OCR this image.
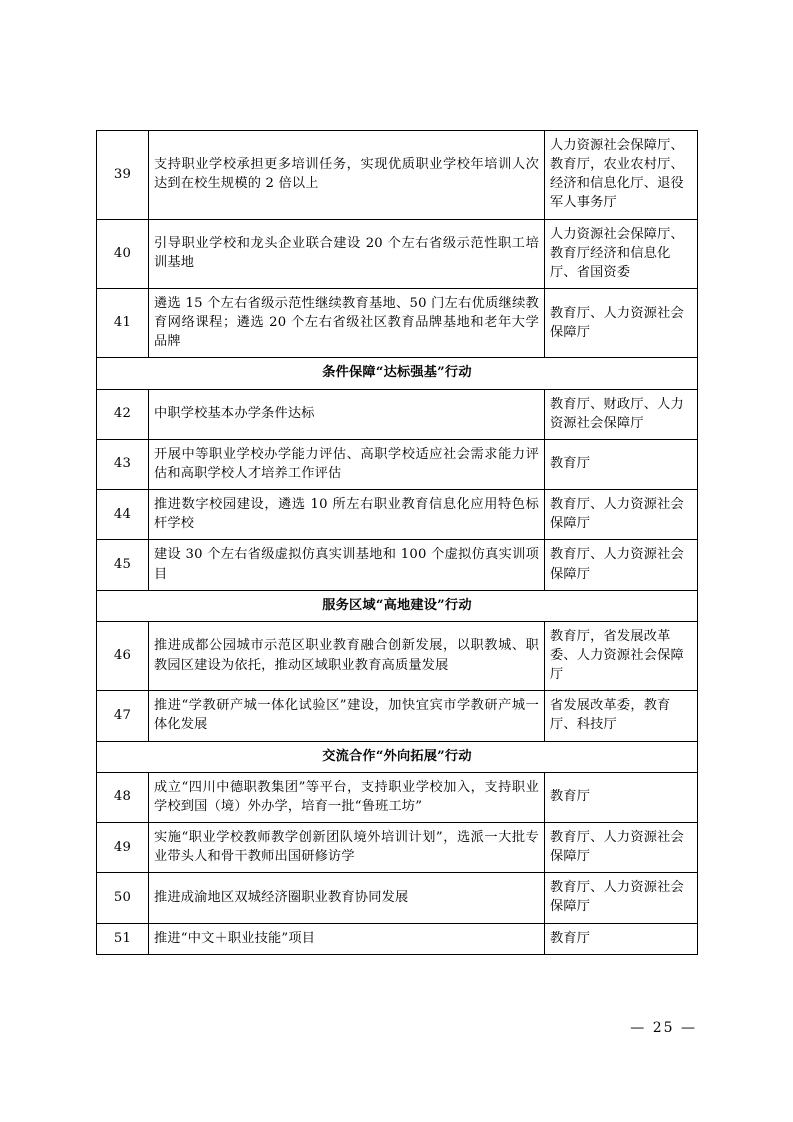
39	支持职业学校承担更多培训任务，实现优质职业学校年培训人次达到在校生规模的 2 倍以上	人力资源社会保障厅、教育厅，农业农村厅、经济和信息化厅、退役军人事务厅
40	引导职业学校和龙头企业联合建设 20 个左右省级示范性职工培训基地	人力资源社会保障厅、教育厅经济和信息化厅、省国资委
41	遴选 15 个左右省级示范性继续教育基地、50 门左右优质继续教育网络课程；遴选 20 个左右省级社区教育品牌基地和老年大学品牌	教育厅、人力资源社会保障厅
条件保障“达标强基”行动		
42	中职学校基本办学条件达标	教育厅、财政厅、人力资源社会保障厅
43	开展中等职业学校办学能力评估、高职学校适应社会需求能力评估和高职学校人才培养工作评估	教育厅
44	推进数字校园建设，遴选 10 所左右职业教育信息化应用特色标杆学校	教育厅、人力资源社会保障厅
45	建设 30 个左右省级虚拟仿真实训基地和 100 个虚拟仿真实训项目	教育厅、人力资源社会保障厅
服务区域“高地建设”行动		
46	推进成都公园城市示范区职业教育融合创新发展，以职教城、职教园区建设为依托，推动区域职业教育高质量发展	教育厅，省发展改革委、人力资源社会保障厅
47	推进“学教研产城一体化试验区”建设，加快宜宾市学教研产城一体化发展	省发展改革委，教育厅、科技厅
交流合作“外向拓展”行动		
48	成立“四川中德职教集团”等平台，支持职业学校加入，支持职业学校到国（境）外办学，培育一批“鲁班工坊”	教育厅
49	实施“职业学校教师教学创新团队境外培训计划”，选派一大批专业带头人和骨干教师出国研修访学	教育厅、人力资源社会保障厅
50	推进成渝地区双城经济圈职业教育协同发展	教育厅、人力资源社会保障厅
51	推进“中文＋职业技能”项目	教育厅
— 25 —
